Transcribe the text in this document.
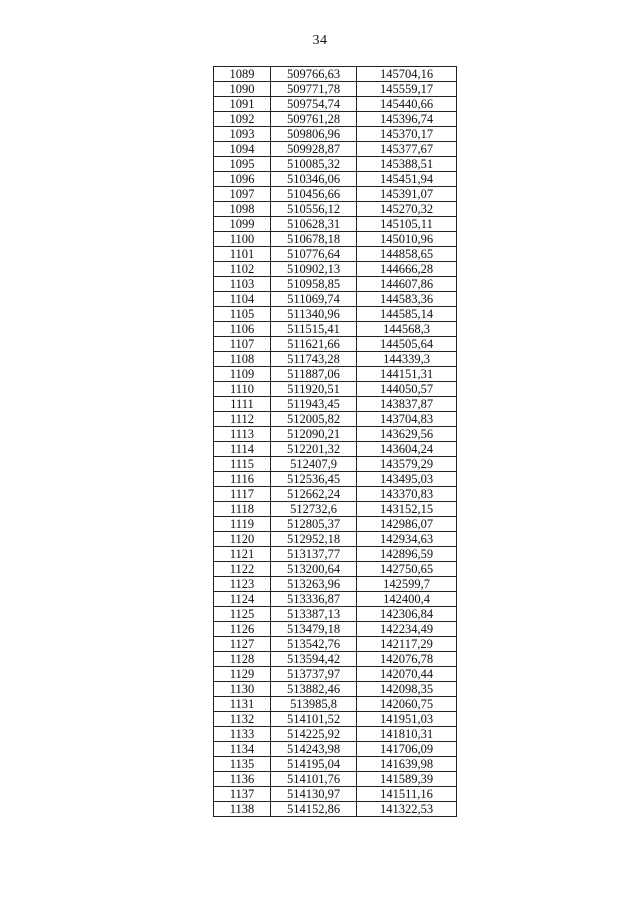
34
1089	509766,63	145704,16
1090	509771,78	145559,17
1091	509754,74	145440,66
1092	509761,28	145396,74
1093	509806,96	145370,17
1094	509928,87	145377,67
1095	510085,32	145388,51
1096	510346,06	145451,94
1097	510456,66	145391,07
1098	510556,12	145270,32
1099	510628,31	145105,11
1100	510678,18	145010,96
1101	510776,64	144858,65
1102	510902,13	144666,28
1103	510958,85	144607,86
1104	511069,74	144583,36
1105	511340,96	144585,14
1106	511515,41	144568,3
1107	511621,66	144505,64
1108	511743,28	144339,3
1109	511887,06	144151,31
1110	511920,51	144050,57
1111	511943,45	143837,87
1112	512005,82	143704,83
1113	512090,21	143629,56
1114	512201,32	143604,24
1115	512407,9	143579,29
1116	512536,45	143495,03
1117	512662,24	143370,83
1118	512732,6	143152,15
1119	512805,37	142986,07
1120	512952,18	142934,63
1121	513137,77	142896,59
1122	513200,64	142750,65
1123	513263,96	142599,7
1124	513336,87	142400,4
1125	513387,13	142306,84
1126	513479,18	142234,49
1127	513542,76	142117,29
1128	513594,42	142076,78
1129	513737,97	142070,44
1130	513882,46	142098,35
1131	513985,8	142060,75
1132	514101,52	141951,03
1133	514225,92	141810,31
1134	514243,98	141706,09
1135	514195,04	141639,98
1136	514101,76	141589,39
1137	514130,97	141511,16
1138	514152,86	141322,53
